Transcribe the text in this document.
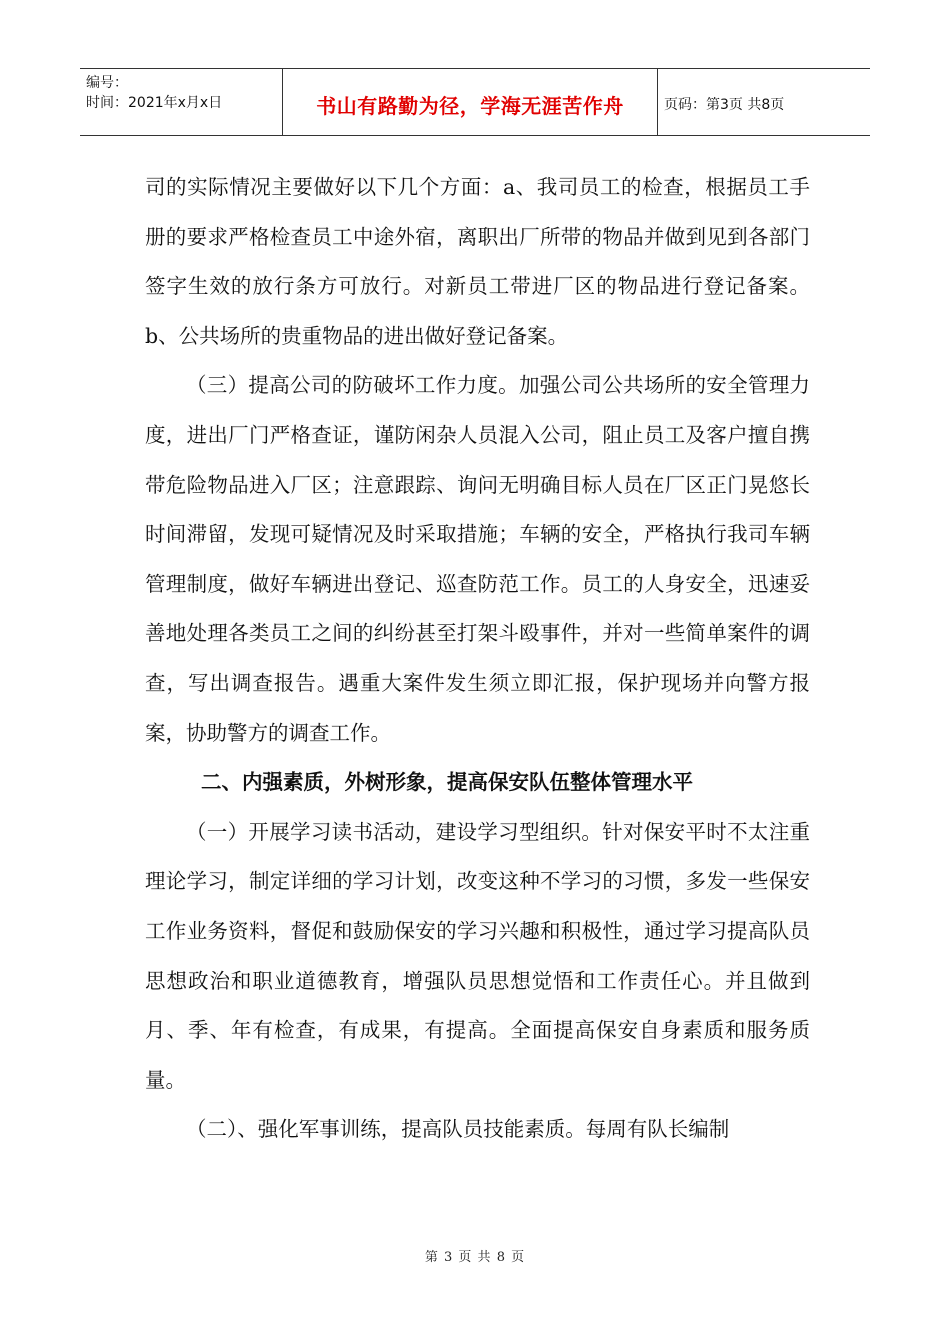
编号：
时间：2021年x月x日	书山有路勤为径，学海无涯苦作舟	页码：第3页 共8页

司的实际情况主要做好以下几个方面：a、我司员工的检查，根据员工手册的要求严格检查员工中途外宿，离职出厂所带的物品并做到见到各部门签字生效的放行条方可放行。对新员工带进厂区的物品进行登记备案。b、公共场所的贵重物品的进出做好登记备案。

（三）提高公司的防破坏工作力度。加强公司公共场所的安全管理力度，进出厂门严格查证，谨防闲杂人员混入公司，阻止员工及客户擅自携带危险物品进入厂区；注意跟踪、询问无明确目标人员在厂区正门晃悠长时间滞留，发现可疑情况及时采取措施；车辆的安全，严格执行我司车辆管理制度，做好车辆进出登记、巡查防范工作。员工的人身安全，迅速妥善地处理各类员工之间的纠纷甚至打架斗殴事件，并对一些简单案件的调查，写出调查报告。遇重大案件发生须立即汇报，保护现场并向警方报案，协助警方的调查工作。

二、内强素质，外树形象，提高保安队伍整体管理水平

（一）开展学习读书活动，建设学习型组织。针对保安平时不太注重理论学习，制定详细的学习计划，改变这种不学习的习惯，多发一些保安工作业务资料，督促和鼓励保安的学习兴趣和积极性，通过学习提高队员思想政治和职业道德教育，增强队员思想觉悟和工作责任心。并且做到月、季、年有检查，有成果，有提高。全面提高保安自身素质和服务质量。

（二）、强化军事训练，提高队员技能素质。每周有队长编制

第 3 页 共 8 页
